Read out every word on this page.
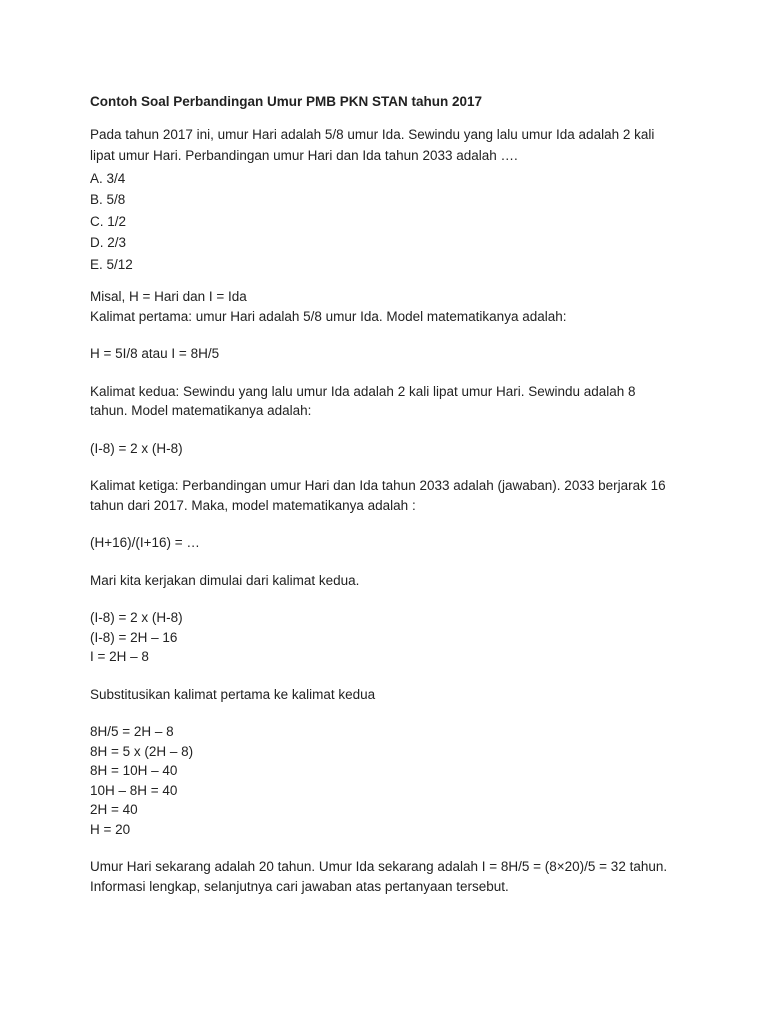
Contoh Soal Perbandingan Umur PMB PKN STAN tahun 2017
Pada tahun 2017 ini, umur Hari adalah 5/8 umur Ida. Sewindu yang lalu umur Ida adalah 2 kali
lipat umur Hari. Perbandingan umur Hari dan Ida tahun 2033 adalah ….
A. 3/4
B. 5/8
C. 1/2
D. 2/3
E. 5/12
Misal, H = Hari dan I = Ida
Kalimat pertama: umur Hari adalah 5/8 umur Ida. Model matematikanya adalah:
H = 5I/8 atau I = 8H/5
Kalimat kedua: Sewindu yang lalu umur Ida adalah 2 kali lipat umur Hari. Sewindu adalah 8
tahun. Model matematikanya adalah:
(I-8) = 2 x (H-8)
Kalimat ketiga: Perbandingan umur Hari dan Ida tahun 2033 adalah (jawaban). 2033 berjarak 16
tahun dari 2017. Maka, model matematikanya adalah :
(H+16)/(I+16) = …
Mari kita kerjakan dimulai dari kalimat kedua.
(I-8) = 2 x (H-8)
(I-8) = 2H – 16
I = 2H – 8
Substitusikan kalimat pertama ke kalimat kedua
8H/5 = 2H – 8
8H = 5 x (2H – 8)
8H = 10H – 40
10H – 8H = 40
2H = 40
H = 20
Umur Hari sekarang adalah 20 tahun. Umur Ida sekarang adalah I = 8H/5 = (8×20)/5 = 32 tahun.
Informasi lengkap, selanjutnya cari jawaban atas pertanyaan tersebut.
